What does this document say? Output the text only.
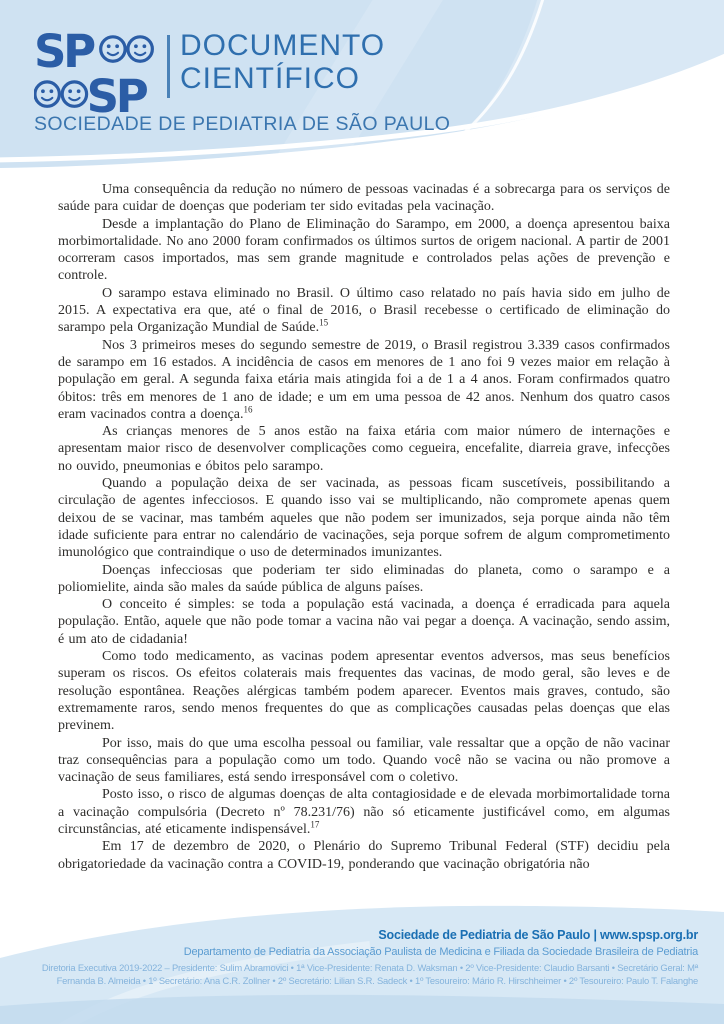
S
P
S
P
DOCUMENTO
CIENTÍFICO
SOCIEDADE DE PEDIATRIA DE SÃO PAULO

Uma consequência da redução no número de pessoas vacinadas é a sobrecarga para os serviços de saúde para cuidar de doenças que poderiam ter sido evitadas pela vacinação.

Desde a implantação do Plano de Eliminação do Sarampo, em 2000, a doença apresentou baixa morbimortalidade. No ano 2000 foram confirmados os últimos surtos de origem nacional. A partir de 2001 ocorreram casos importados, mas sem grande magnitude e controlados pelas ações de prevenção e controle.

O sarampo estava eliminado no Brasil. O último caso relatado no país havia sido em julho de 2015. A expectativa era que, até o final de 2016, o Brasil recebesse o certificado de eliminação do sarampo pela Organização Mundial de Saúde.$^{15}$

Nos 3 primeiros meses do segundo semestre de 2019, o Brasil registrou 3.339 casos confirmados de sarampo em 16 estados. A incidência de casos em menores de 1 ano foi 9 vezes maior em relação à população em geral. A segunda faixa etária mais atingida foi a de 1 a 4 anos. Foram confirmados quatro óbitos: três em menores de 1 ano de idade; e um em uma pessoa de 42 anos. Nenhum dos quatro casos eram vacinados contra a doença.$^{16}$

As crianças menores de 5 anos estão na faixa etária com maior número de internações e apresentam maior risco de desenvolver complicações como cegueira, encefalite, diarreia grave, infecções no ouvido, pneumonias e óbitos pelo sarampo.

Quando a população deixa de ser vacinada, as pessoas ficam suscetíveis, possibilitando a circulação de agentes infecciosos. E quando isso vai se multiplicando, não compromete apenas quem deixou de se vacinar, mas também aqueles que não podem ser imunizados, seja porque ainda não têm idade suficiente para entrar no calendário de vacinações, seja porque sofrem de algum comprometimento imunológico que contraindique o uso de determinados imunizantes.

Doenças infecciosas que poderiam ter sido eliminadas do planeta, como o sarampo e a poliomielite, ainda são males da saúde pública de alguns países.

O conceito é simples: se toda a população está vacinada, a doença é erradicada para aquela população. Então, aquele que não pode tomar a vacina não vai pegar a doença. A vacinação, sendo assim, é um ato de cidadania!

Como todo medicamento, as vacinas podem apresentar eventos adversos, mas seus benefícios superam os riscos. Os efeitos colaterais mais frequentes das vacinas, de modo geral, são leves e de resolução espontânea. Reações alérgicas também podem aparecer. Eventos mais graves, contudo, são extremamente raros, sendo menos frequentes do que as complicações causadas pelas doenças que elas previnem.

Por isso, mais do que uma escolha pessoal ou familiar, vale ressaltar que a opção de não vacinar traz consequências para a população como um todo. Quando você não se vacina ou não promove a vacinação de seus familiares, está sendo irresponsável com o coletivo.

Posto isso, o risco de algumas doenças de alta contagiosidade e de elevada morbimortalidade torna a vacinação compulsória (Decreto nº 78.231/76) não só eticamente justificável como, em algumas circunstâncias, até eticamente indispensável.$^{17}$

Em 17 de dezembro de 2020, o Plenário do Supremo Tribunal Federal (STF) decidiu pela obrigatoriedade da vacinação contra a COVID-19, ponderando que vacinação obrigatória não

Sociedade de Pediatria de São Paulo | www.spsp.org.br
Departamento de Pediatria da Associação Paulista de Medicina e Filiada da Sociedade Brasileira de Pediatria
Diretoria Executiva 2019-2022 – Presidente: Sulim Abramovici • 1ª Vice-Presidente: Renata D. Waksman • 2º Vice-Presidente: Claudio Barsanti • Secretário Geral: Mª Fernanda B. Almeida • 1º Secretário: Ana C.R. Zollner • 2º Secretário: Lilian S.R. Sadeck • 1º Tesoureiro: Mário R. Hirschheimer • 2º Tesoureiro: Paulo T. Falanghe
